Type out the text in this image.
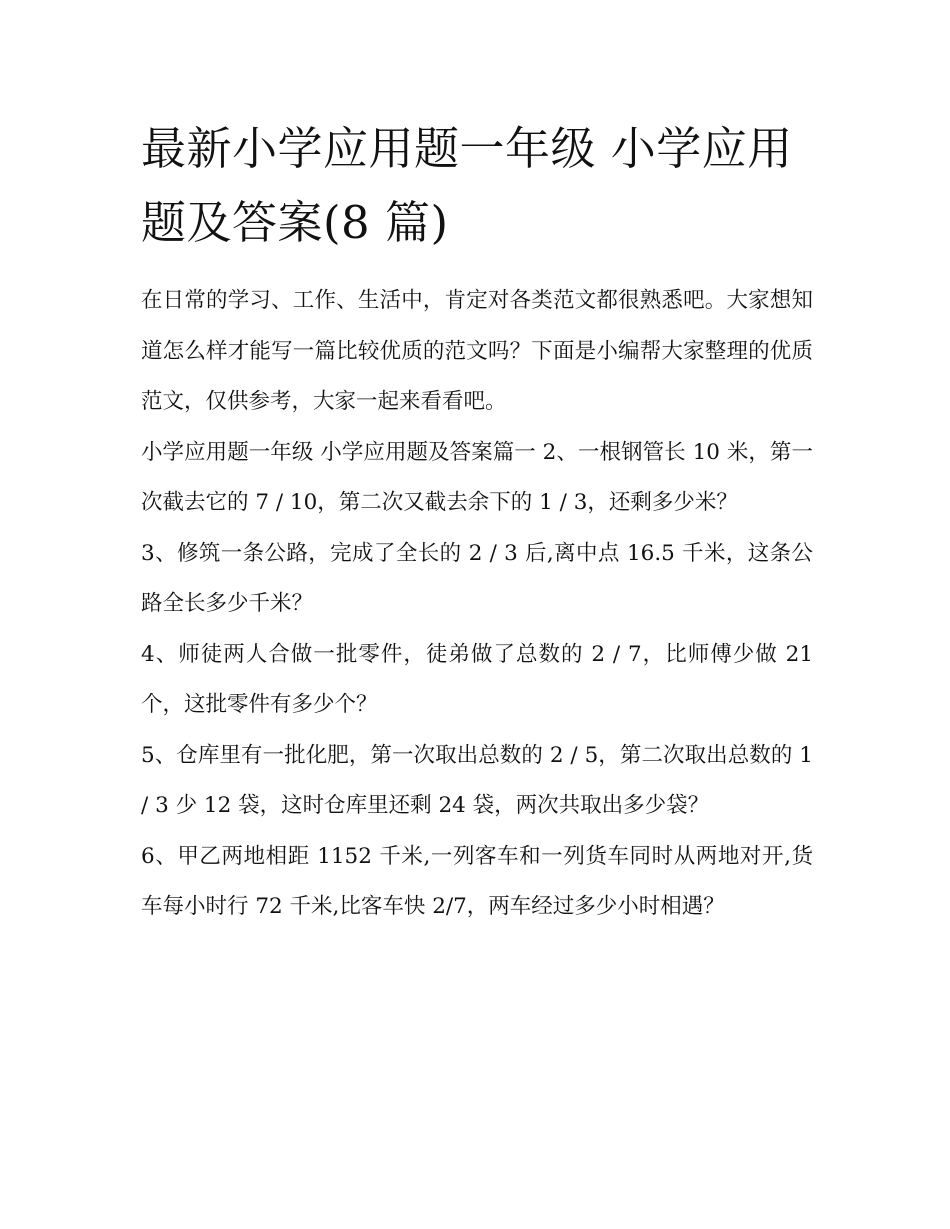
最新小学应用题一年级 小学应用题及答案(8 篇)

在日常的学习、工作、生活中，肯定对各类范文都很熟悉吧。大家想知道怎么样才能写一篇比较优质的范文吗？下面是小编帮大家整理的优质范文，仅供参考，大家一起来看看吧。

小学应用题一年级 小学应用题及答案篇一 2、一根钢管长 10 米，第一次截去它的 7 / 10，第二次又截去余下的 1 / 3，还剩多少米？

3、修筑一条公路，完成了全长的 2 / 3 后,离中点 16.5 千米，这条公路全长多少千米？

4、师徒两人合做一批零件，徒弟做了总数的 2 / 7，比师傅少做 21 个，这批零件有多少个？

5、仓库里有一批化肥，第一次取出总数的 2 / 5，第二次取出总数的 1 / 3 少 12 袋，这时仓库里还剩 24 袋，两次共取出多少袋？

6、甲乙两地相距 1152 千米,一列客车和一列货车同时从两地对开,货车每小时行 72 千米,比客车快 2/7，两车经过多少小时相遇？
